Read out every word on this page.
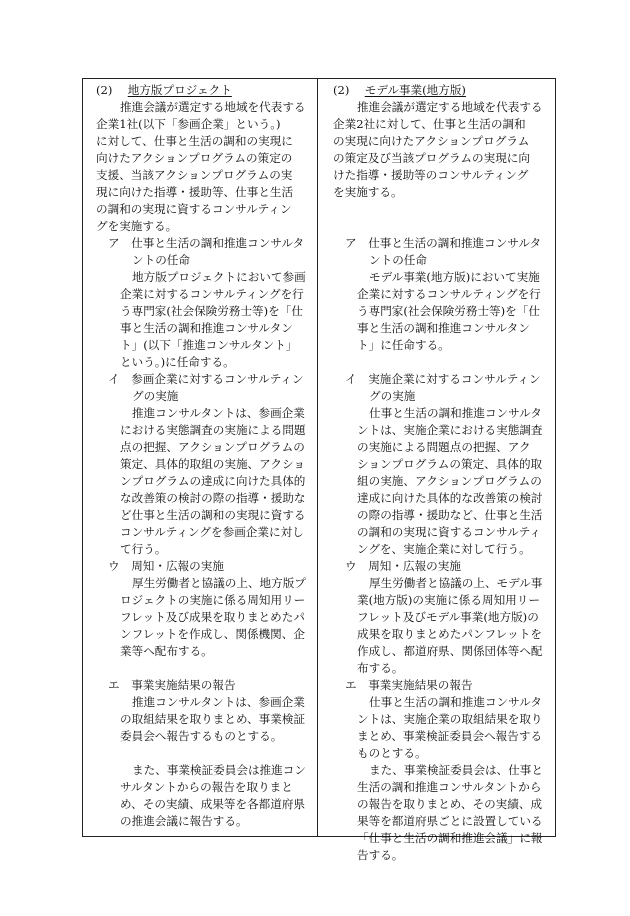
(2)　 地方版プロジェクト
推進会議が選定する地域を代表する
企業1社(以下「参画企業」という。)
に対して、仕事と生活の調和の実現に
向けたアクションプログラムの策定の
支援、当該アクションプログラムの実
現に向けた指導・援助等、仕事と生活
の調和の実現に資するコンサルティン
グを実施する。
ア　仕事と生活の調和推進コンサルタ
ントの任命
地方版プロジェクトにおいて参画
企業に対するコンサルティングを行
う専門家(社会保険労務士等)を「仕
事と生活の調和推進コンサルタン
ト」(以下「推進コンサルタント」
という。)に任命する。
イ　参画企業に対するコンサルティン
グの実施
推進コンサルタントは、参画企業
における実態調査の実施による問題
点の把握、アクションプログラムの
策定、具体的取組の実施、アクショ
ンプログラムの達成に向けた具体的
な改善策の検討の際の指導・援助な
ど仕事と生活の調和の実現に資する
コンサルティングを参画企業に対し
て行う。
ウ　周知・広報の実施
厚生労働者と協議の上、地方版プ
ロジェクトの実施に係る周知用リー
フレット及び成果を取りまとめたパ
ンフレットを作成し、関係機関、企
業等へ配布する。
エ　事業実施結果の報告
推進コンサルタントは、参画企業
の取組結果を取りまとめ、事業検証
委員会へ報告するものとする。
また、事業検証委員会は推進コン
サルタントからの報告を取りまと
め、その実績、成果等を各都道府県
の推進会議に報告する。
(2)　 モデル事業(地方版)
推進会議が選定する地域を代表する
企業2社に対して、仕事と生活の調和
の実現に向けたアクションプログラム
の策定及び当該プログラムの実現に向
けた指導・援助等のコンサルティング
を実施する。
ア　仕事と生活の調和推進コンサルタ
ントの任命
モデル事業(地方版)において実施
企業に対するコンサルティングを行
う専門家(社会保険労務士等)を「仕
事と生活の調和推進コンサルタン
ト」に任命する。
イ　実施企業に対するコンサルティン
グの実施
仕事と生活の調和推進コンサルタ
ントは、実施企業における実態調査
の実施による問題点の把握、アク
ションプログラムの策定、具体的取
組の実施、アクションプログラムの
達成に向けた具体的な改善策の検討
の際の指導・援助など、仕事と生活
の調和の実現に資するコンサルティ
ングを、実施企業に対して行う。
ウ　周知・広報の実施
厚生労働者と協議の上、モデル事
業(地方版)の実施に係る周知用リー
フレット及びモデル事業(地方版)の
成果を取りまとめたパンフレットを
作成し、都道府県、関係団体等へ配
布する。
エ　事業実施結果の報告
仕事と生活の調和推進コンサルタ
ントは、実施企業の取組結果を取り
まとめ、事業検証委員会へ報告する
ものとする。
また、事業検証委員会は、仕事と
生活の調和推進コンサルタントから
の報告を取りまとめ、その実績、成
果等を都道府県ごとに設置している
「仕事と生活の調和推進会議」に報
告する。
